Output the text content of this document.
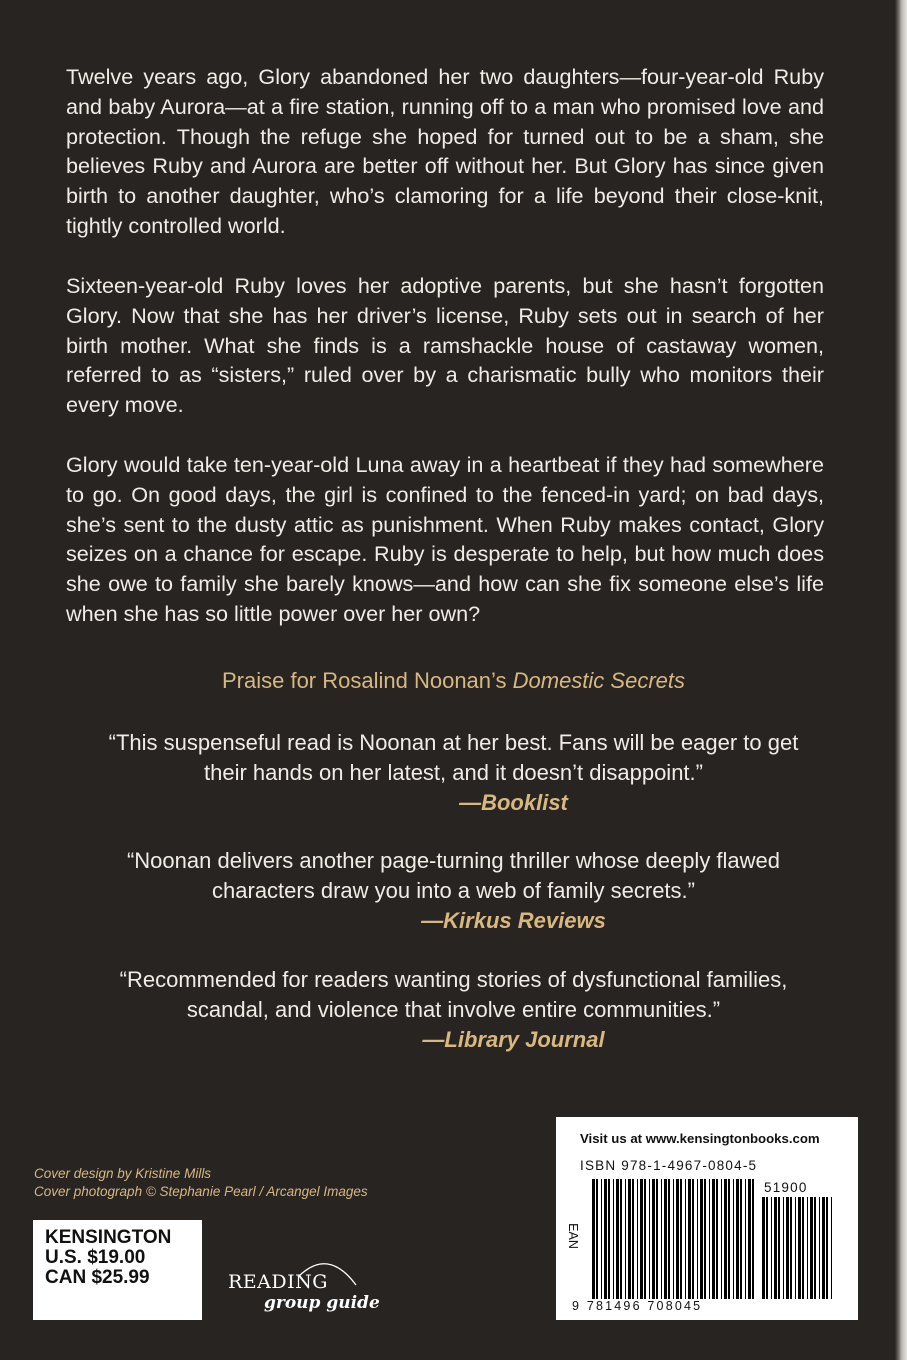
Twelve years ago, Glory abandoned her two daughters—four-year-old Ruby and baby Aurora—at a fire station, running off to a man who promised love and protection. Though the refuge she hoped for turned out to be a sham, she believes Ruby and Aurora are better off without her. But Glory has since given birth to another daughter, who’s clamoring for a life beyond their close-knit, tightly controlled world.

Sixteen-year-old Ruby loves her adoptive parents, but she hasn’t forgotten Glory. Now that she has her driver’s license, Ruby sets out in search of her birth mother. What she finds is a ramshackle house of castaway women, referred to as “sisters,” ruled over by a charismatic bully who monitors their every move.

Glory would take ten-year-old Luna away in a heartbeat if they had somewhere to go. On good days, the girl is confined to the fenced-in yard; on bad days, she’s sent to the dusty attic as punishment. When Ruby makes contact, Glory seizes on a chance for escape. Ruby is desperate to help, but how much does she owe to family she barely knows—and how can she fix someone else’s life when she has so little power over her own?

Praise for Rosalind Noonan’s Domestic Secrets
“This suspenseful read is Noonan at her best. Fans will be eager to get
their hands on her latest, and it doesn’t disappoint.”
—Booklist
“Noonan delivers another page-turning thriller whose deeply flawed
characters draw you into a web of family secrets.”
—Kirkus Reviews
“Recommended for readers wanting stories of dysfunctional families,
scandal, and violence that involve entire communities.”
—Library Journal
Cover design by Kristine Mills
Cover photograph © Stephanie Pearl / Arcangel Images
KENSINGTON
U.S. $19.00
CAN $25.99	READING
group guide
Visit us at www.kensingtonbooks.com
ISBN 978-1-4967-0804-5
51900
EAN
9 781496 708045
